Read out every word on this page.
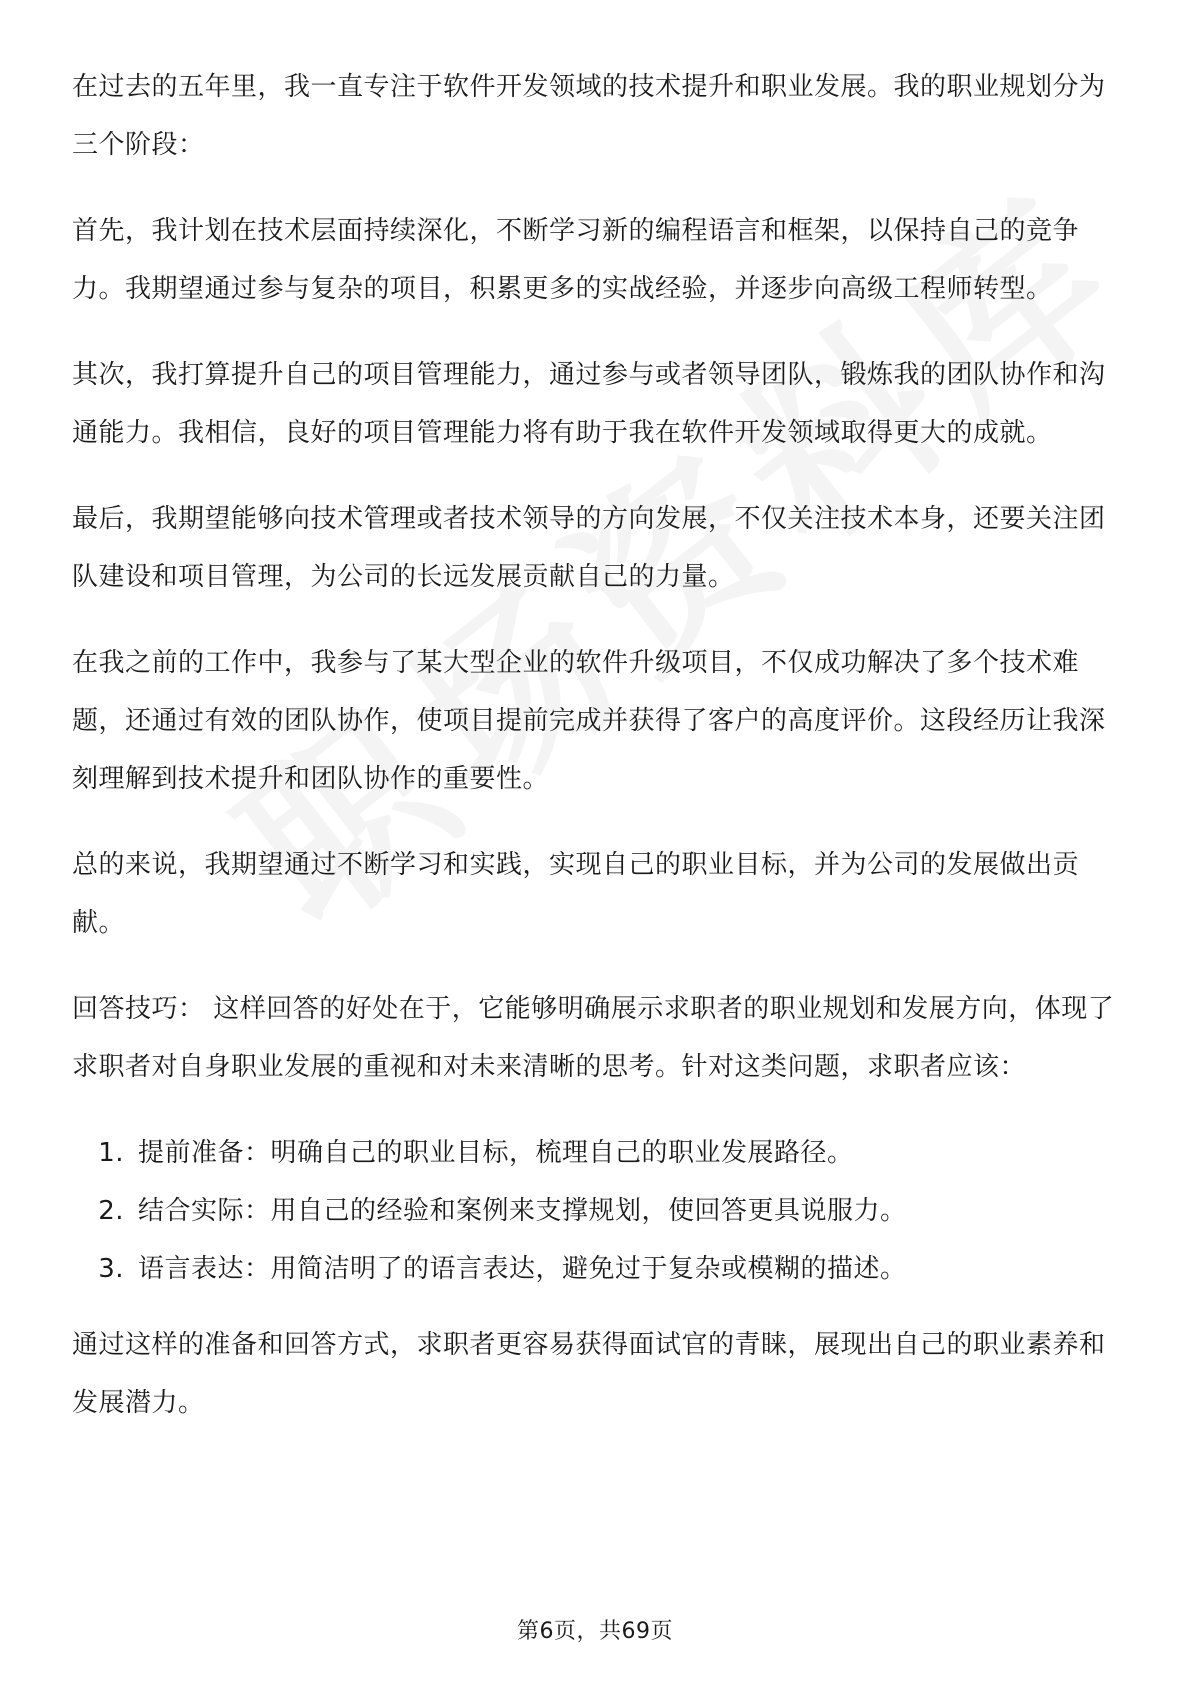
在过去的五年里，我一直专注于软件开发领域的技术提升和职业发展。我的职业规划分为三个阶段：

首先，我计划在技术层面持续深化，不断学习新的编程语言和框架，以保持自己的竞争力。我期望通过参与复杂的项目，积累更多的实战经验，并逐步向高级工程师转型。

其次，我打算提升自己的项目管理能力，通过参与或者领导团队，锻炼我的团队协作和沟通能力。我相信，良好的项目管理能力将有助于我在软件开发领域取得更大的成就。

最后，我期望能够向技术管理或者技术领导的方向发展，不仅关注技术本身，还要关注团队建设和项目管理，为公司的长远发展贡献自己的力量。

在我之前的工作中，我参与了某大型企业的软件升级项目，不仅成功解决了多个技术难题，还通过有效的团队协作，使项目提前完成并获得了客户的高度评价。这段经历让我深刻理解到技术提升和团队协作的重要性。

总的来说，我期望通过不断学习和实践，实现自己的职业目标，并为公司的发展做出贡献。

回答技巧： 这样回答的好处在于，它能够明确展示求职者的职业规划和发展方向，体现了求职者对自身职业发展的重视和对未来清晰的思考。针对这类问题，求职者应该：

1. 提前准备：明确自己的职业目标，梳理自己的职业发展路径。
2. 结合实际：用自己的经验和案例来支撑规划，使回答更具说服力。
3. 语言表达：用简洁明了的语言表达，避免过于复杂或模糊的描述。

通过这样的准备和回答方式，求职者更容易获得面试官的青睐，展现出自己的职业素养和发展潜力。

第6页，共69页
